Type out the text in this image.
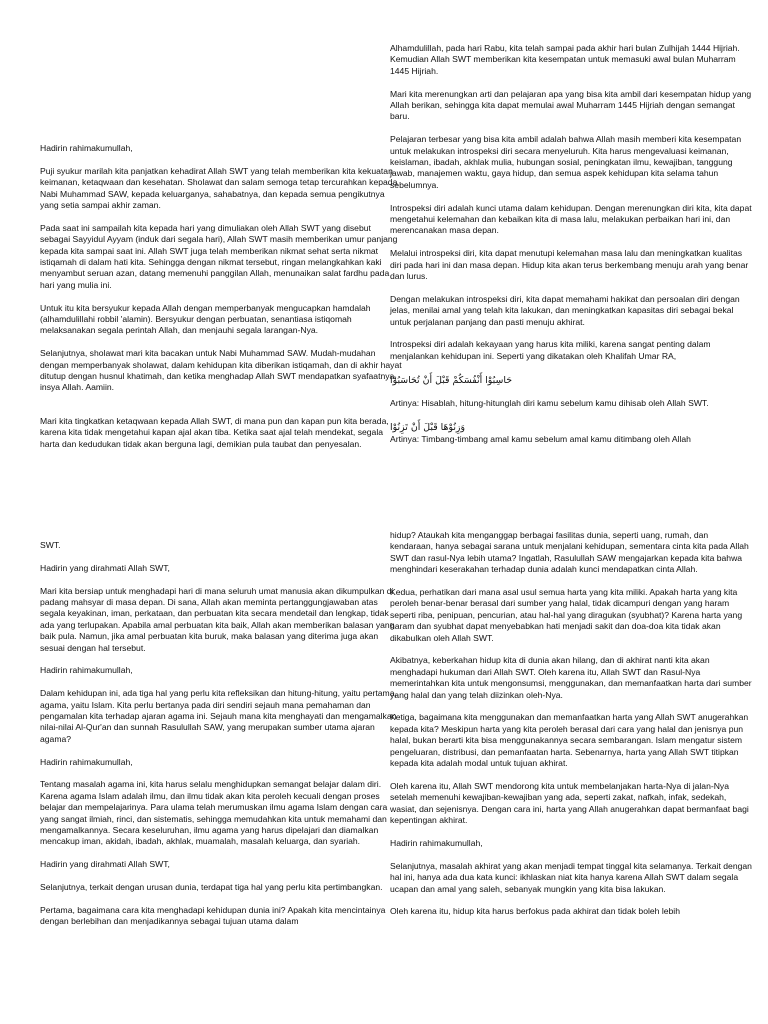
Hadirin rahimakumullah,

Puji syukur marilah kita panjatkan kehadirat Allah SWT yang telah memberikan kita kekuatan keimanan, ketaqwaan dan kesehatan. Sholawat dan salam semoga tetap tercurahkan kepada Nabi Muhammad SAW, kepada keluarganya, sahabatnya, dan kepada semua pengikutnya yang setia sampai akhir zaman.

Pada saat ini sampailah kita kepada hari yang dimuliakan oleh Allah SWT yang disebut sebagai Sayyidul Ayyam (induk dari segala hari), Allah SWT masih memberikan umur panjang kepada kita sampai saat ini. Allah SWT juga telah memberikan nikmat sehat serta nikmat istiqamah di dalam hati kita. Sehingga dengan nikmat tersebut, ringan melangkahkan kaki menyambut seruan azan, datang memenuhi panggilan Allah, menunaikan salat fardhu pada hari yang mulia ini.

Untuk itu kita bersyukur kepada Allah dengan memperbanyak mengucapkan hamdalah (alhamdulillahi robbil 'alamin). Bersyukur dengan perbuatan, senantiasa istiqomah melaksanakan segala perintah Allah, dan menjauhi segala larangan-Nya.

Selanjutnya, sholawat mari kita bacakan untuk Nabi Muhammad SAW. Mudah-mudahan dengan memperbanyak sholawat, dalam kehidupan kita diberikan istiqamah, dan di akhir hayat ditutup dengan husnul khatimah, dan ketika menghadap Allah SWT mendapatkan syafaatnya, insya Allah. Aamiin.

Mari kita tingkatkan ketaqwaan kepada Allah SWT, di mana pun dan kapan pun kita berada, karena kita tidak mengetahui kapan ajal akan tiba. Ketika saat ajal telah mendekat, segala harta dan kedudukan tidak akan berguna lagi, demikian pula taubat dan penyesalan.

Alhamdulillah, pada hari Rabu, kita telah sampai pada akhir hari bulan Zulhijah 1444 Hijriah. Kemudian Allah SWT memberikan kita kesempatan untuk memasuki awal bulan Muharram 1445 Hijriah.

Mari kita merenungkan arti dan pelajaran apa yang bisa kita ambil dari kesempatan hidup yang Allah berikan, sehingga kita dapat memulai awal Muharram 1445 Hijriah dengan semangat baru.

Pelajaran terbesar yang bisa kita ambil adalah bahwa Allah masih memberi kita kesempatan untuk melakukan introspeksi diri secara menyeluruh. Kita harus mengevaluasi keimanan, keislaman, ibadah, akhlak mulia, hubungan sosial, peningkatan ilmu, kewajiban, tanggung jawab, manajemen waktu, gaya hidup, dan semua aspek kehidupan kita selama tahun sebelumnya.

Introspeksi diri adalah kunci utama dalam kehidupan. Dengan merenungkan diri kita, kita dapat mengetahui kelemahan dan kebaikan kita di masa lalu, melakukan perbaikan hari ini, dan merencanakan masa depan.

Melalui introspeksi diri, kita dapat menutupi kelemahan masa lalu dan meningkatkan kualitas diri pada hari ini dan masa depan. Hidup kita akan terus berkembang menuju arah yang benar dan lurus.

Dengan melakukan introspeksi diri, kita dapat memahami hakikat dan persoalan diri dengan jelas, menilai amal yang telah kita lakukan, dan meningkatkan kapasitas diri sebagai bekal untuk perjalanan panjang dan pasti menuju akhirat.

Introspeksi diri adalah kekayaan yang harus kita miliki, karena sangat penting dalam menjalankan kehidupan ini. Seperti yang dikatakan oleh Khalifah Umar RA,

حَاسِبُوْا أَنْفُسَكُمْ قَبْلَ أَنْ تُحَاسَبُوْا

Artinya: Hisablah, hitung-hitunglah diri kamu sebelum kamu dihisab oleh Allah SWT.

وَزِنُوْهَا قَبْلَ أَنْ تَزِنُوْا

Artinya: Timbang-timbang amal kamu sebelum amal kamu ditimbang oleh Allah

SWT.

Hadirin yang dirahmati Allah SWT,

Mari kita bersiap untuk menghadapi hari di mana seluruh umat manusia akan dikumpulkan di padang mahsyar di masa depan. Di sana, Allah akan meminta pertanggungjawaban atas segala keyakinan, iman, perkataan, dan perbuatan kita secara mendetail dan lengkap, tidak ada yang terlupakan. Apabila amal perbuatan kita baik, Allah akan memberikan balasan yang baik pula. Namun, jika amal perbuatan kita buruk, maka balasan yang diterima juga akan sesuai dengan hal tersebut.

Hadirin rahimakumullah,

Dalam kehidupan ini, ada tiga hal yang perlu kita refleksikan dan hitung-hitung, yaitu pertama, agama, yaitu Islam. Kita perlu bertanya pada diri sendiri sejauh mana pemahaman dan pengamalan kita terhadap ajaran agama ini. Sejauh mana kita menghayati dan mengamalkan nilai-nilai Al-Qur'an dan sunnah Rasulullah SAW, yang merupakan sumber utama ajaran agama?

Hadirin rahimakumullah,

Tentang masalah agama ini, kita harus selalu menghidupkan semangat belajar dalam diri. Karena agama Islam adalah ilmu, dan ilmu tidak akan kita peroleh kecuali dengan proses belajar dan mempelajarinya. Para ulama telah merumuskan ilmu agama Islam dengan cara yang sangat ilmiah, rinci, dan sistematis, sehingga memudahkan kita untuk memahami dan mengamalkannya. Secara keseluruhan, ilmu agama yang harus dipelajari dan diamalkan mencakup iman, akidah, ibadah, akhlak, muamalah, masalah keluarga, dan syariah.

Hadirin yang dirahmati Allah SWT,

Selanjutnya, terkait dengan urusan dunia, terdapat tiga hal yang perlu kita pertimbangkan.

Pertama, bagaimana cara kita menghadapi kehidupan dunia ini? Apakah kita mencintainya dengan berlebihan dan menjadikannya sebagai tujuan utama dalam

hidup? Ataukah kita menganggap berbagai fasilitas dunia, seperti uang, rumah, dan kendaraan, hanya sebagai sarana untuk menjalani kehidupan, sementara cinta kita pada Allah SWT dan rasul-Nya lebih utama? Ingatlah, Rasulullah SAW mengajarkan kepada kita bahwa menghindari keserakahan terhadap dunia adalah kunci mendapatkan cinta Allah.

Kedua, perhatikan dari mana asal usul semua harta yang kita miliki. Apakah harta yang kita peroleh benar-benar berasal dari sumber yang halal, tidak dicampuri dengan yang haram seperti riba, penipuan, pencurian, atau hal-hal yang diragukan (syubhat)? Karena harta yang haram dan syubhat dapat menyebabkan hati menjadi sakit dan doa-doa kita tidak akan dikabulkan oleh Allah SWT.

Akibatnya, keberkahan hidup kita di dunia akan hilang, dan di akhirat nanti kita akan menghadapi hukuman dari Allah SWT. Oleh karena itu, Allah SWT dan Rasul-Nya memerintahkan kita untuk mengonsumsi, menggunakan, dan memanfaatkan harta dari sumber yang halal dan yang telah diizinkan oleh-Nya.

Ketiga, bagaimana kita menggunakan dan memanfaatkan harta yang Allah SWT anugerahkan kepada kita? Meskipun harta yang kita peroleh berasal dari cara yang halal dan jenisnya pun halal, bukan berarti kita bisa menggunakannya secara sembarangan. Islam mengatur sistem pengeluaran, distribusi, dan pemanfaatan harta. Sebenarnya, harta yang Allah SWT titipkan kepada kita adalah modal untuk tujuan akhirat.

Oleh karena itu, Allah SWT mendorong kita untuk membelanjakan harta-Nya di jalan-Nya setelah memenuhi kewajiban-kewajiban yang ada, seperti zakat, nafkah, infak, sedekah, wasiat, dan sejenisnya. Dengan cara ini, harta yang Allah anugerahkan dapat bermanfaat bagi kepentingan akhirat.

Hadirin rahimakumullah,

Selanjutnya, masalah akhirat yang akan menjadi tempat tinggal kita selamanya. Terkait dengan hal ini, hanya ada dua kata kunci: ikhlaskan niat kita hanya karena Allah SWT dalam segala ucapan dan amal yang saleh, sebanyak mungkin yang kita bisa lakukan.

Oleh karena itu, hidup kita harus berfokus pada akhirat dan tidak boleh lebih
